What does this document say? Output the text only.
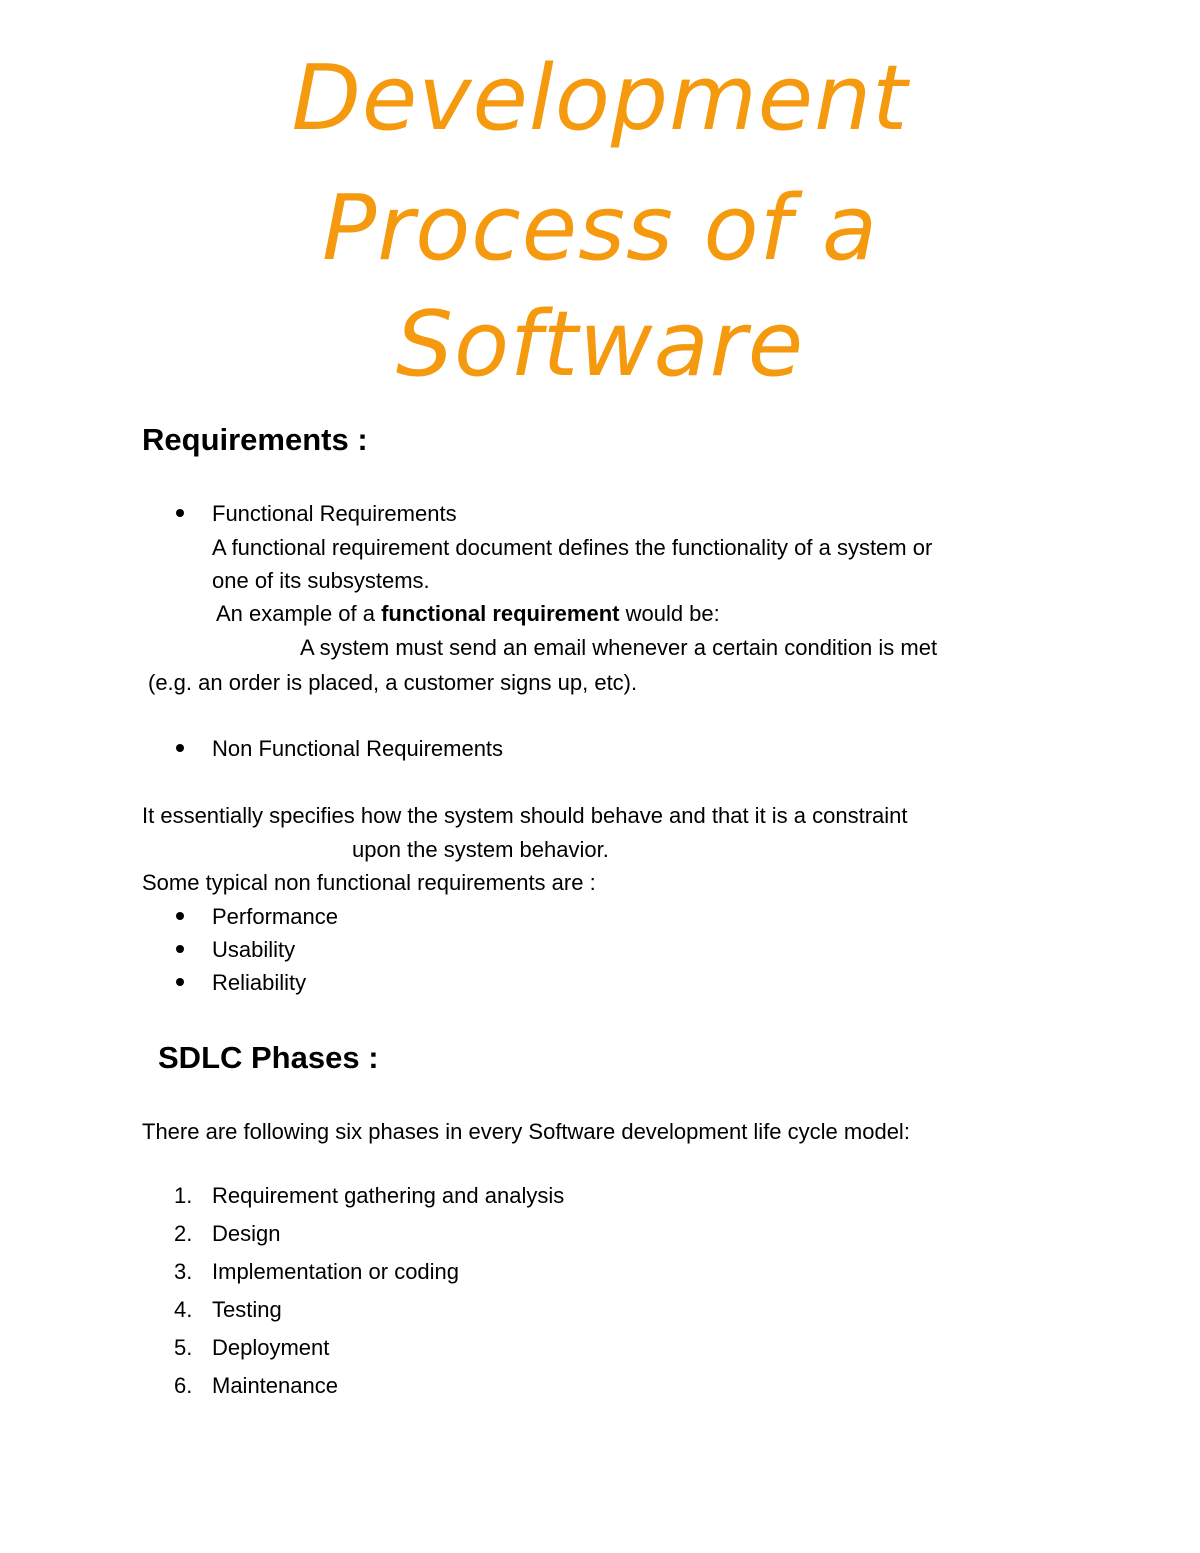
Development
Process of a
Software
Requirements :
Functional Requirements
A functional requirement document defines the functionality of a system or
one of its subsystems.
An example of a functional requirement would be:
A system must send an email whenever a certain condition is met
(e.g. an order is placed, a customer signs up, etc).
Non Functional Requirements
It essentially specifies how the system should behave and that it is a constraint
upon the system behavior.
Some typical non functional requirements are :
Performance
Usability
Reliability
SDLC Phases :
There are following six phases in every Software development life cycle model:
1. Requirement gathering and analysis
2. Design
3. Implementation or coding
4. Testing
5. Deployment
6. Maintenance
